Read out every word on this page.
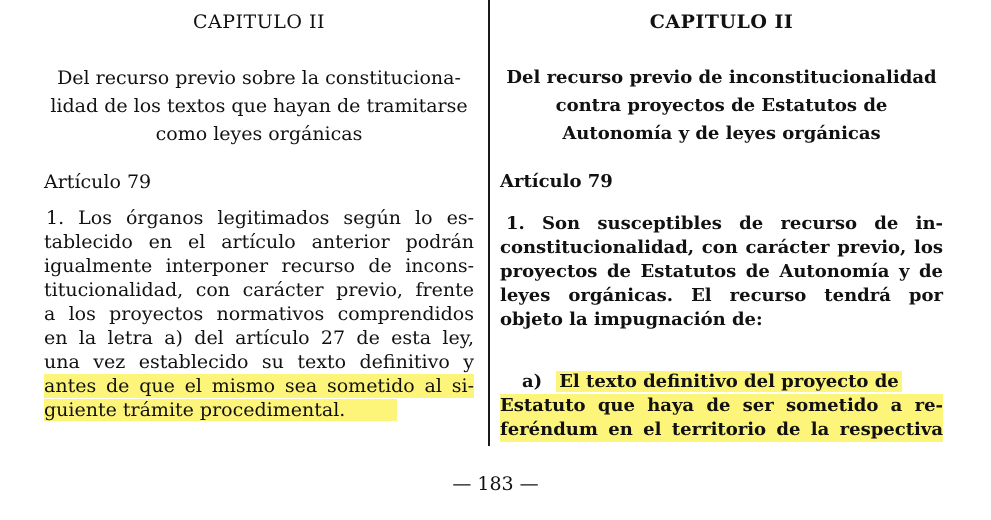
CAPITULO II

Del recurso previo sobre la constituciona-
lidad de los textos que hayan de tramitarse
como leyes orgánicas

Artículo 79

1. Los órganos legitimados según lo es-
tablecido en el artículo anterior podrán
igualmente interponer recurso de incons-
titucionalidad, con carácter previo, frente
a los proyectos normativos comprendidos
en la letra a) del artículo 27 de esta ley,
una vez establecido su texto definitivo y
antes de que el mismo sea sometido al si-
guiente trámite procedimental.
CAPITULO II

Del recurso previo de inconstitucionalidad
contra proyectos de Estatutos de
Autonomía y de leyes orgánicas

Artículo 79

1. Son susceptibles de recurso de in-
constitucionalidad, con carácter previo, los
proyectos de Estatutos de Autonomía y de
leyes orgánicas. El recurso tendrá por
objeto la impugnación de:
a) El texto definitivo del proyecto de
Estatuto que haya de ser sometido a re-
feréndum en el territorio de la respectiva
— 183 —
